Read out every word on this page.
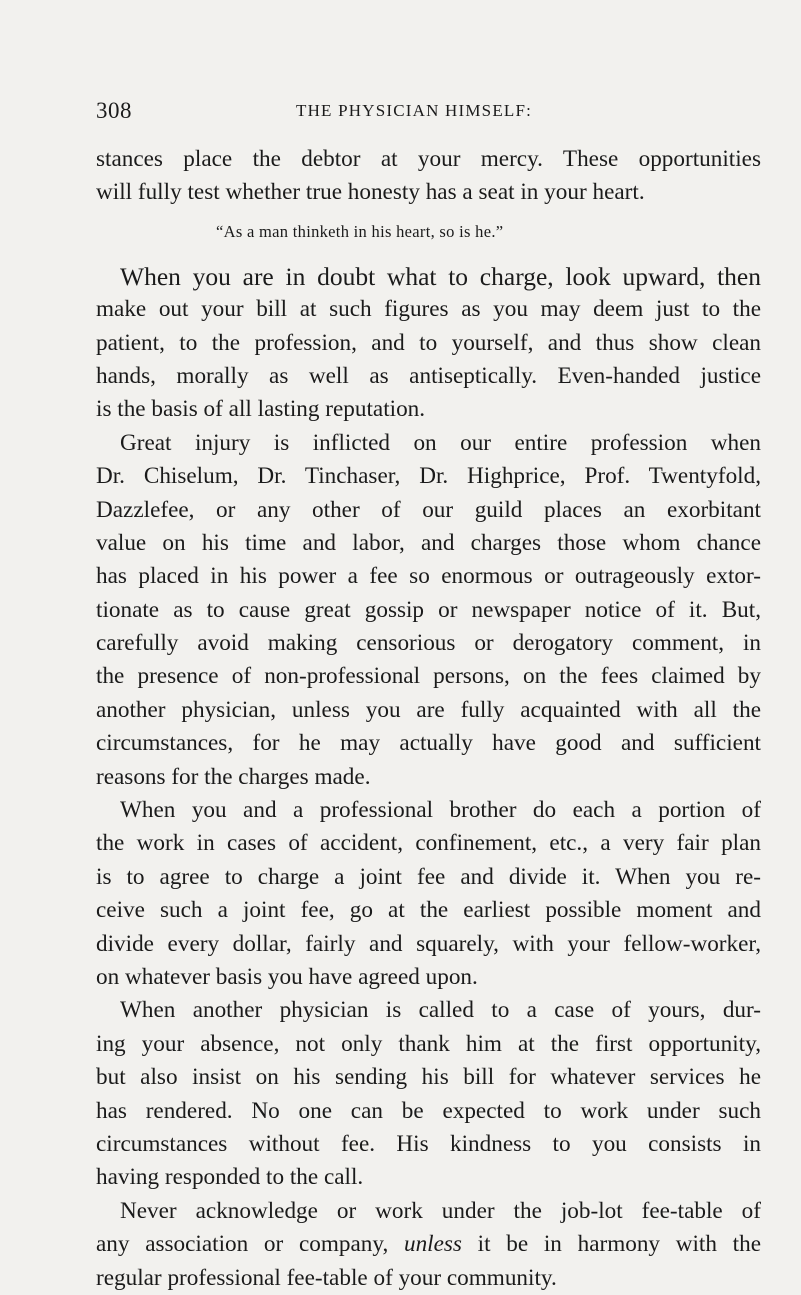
308	THE PHYSICIAN HIMSELF:
stances place the debtor at your mercy. These opportunities
will fully test whether true honesty has a seat in your heart.
“As a man thinketh in his heart, so is he.”
When you are in doubt what to charge, look upward, then
make out your bill at such figures as you may deem just to the
patient, to the profession, and to yourself, and thus show clean
hands, morally as well as antiseptically. Even-handed justice
is the basis of all lasting reputation.
Great injury is inflicted on our entire profession when
Dr. Chiselum, Dr. Tinchaser, Dr. Highprice, Prof. Twentyfold,
Dazzlefee, or any other of our guild places an exorbitant
value on his time and labor, and charges those whom chance
has placed in his power a fee so enormous or outrageously extor-
tionate as to cause great gossip or newspaper notice of it. But,
carefully avoid making censorious or derogatory comment, in
the presence of non-professional persons, on the fees claimed by
another physician, unless you are fully acquainted with all the
circumstances, for he may actually have good and sufficient
reasons for the charges made.
When you and a professional brother do each a portion of
the work in cases of accident, confinement, etc., a very fair plan
is to agree to charge a joint fee and divide it. When you re-
ceive such a joint fee, go at the earliest possible moment and
divide every dollar, fairly and squarely, with your fellow-worker,
on whatever basis you have agreed upon.
When another physician is called to a case of yours, dur-
ing your absence, not only thank him at the first opportunity,
but also insist on his sending his bill for whatever services he
has rendered. No one can be expected to work under such
circumstances without fee. His kindness to you consists in
having responded to the call.
Never acknowledge or work under the job-lot fee-table of
any association or company, unless it be in harmony with the
regular professional fee-table of your community.
